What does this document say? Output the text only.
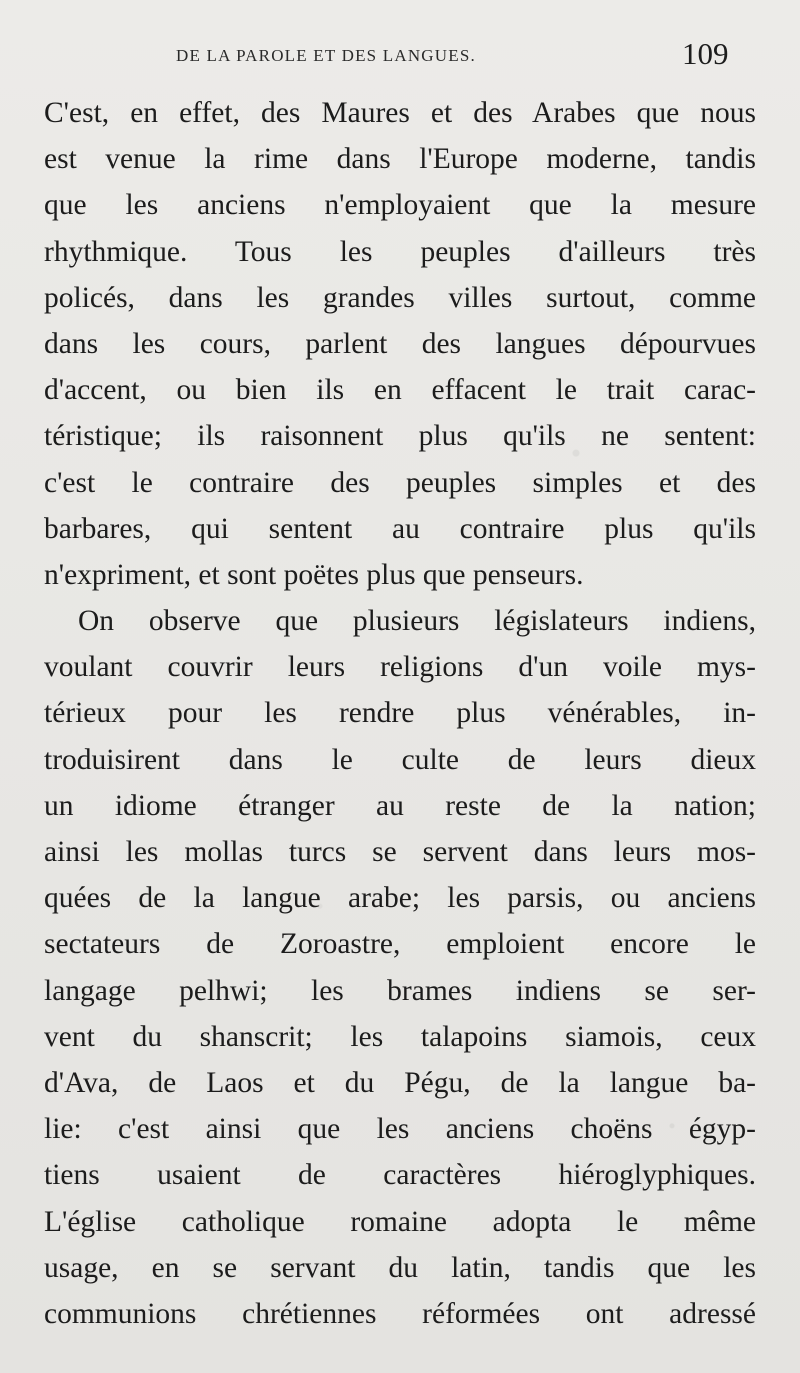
DE LA PAROLE ET DES LANGUES.	109
C'est, en effet, des Maures et des Arabes que nous
est venue la rime dans l'Europe moderne, tandis
que les anciens n'employaient que la mesure
rhythmique. Tous les peuples d'ailleurs très
policés, dans les grandes villes surtout, comme
dans les cours, parlent des langues dépourvues
d'accent, ou bien ils en effacent le trait carac-
téristique; ils raisonnent plus qu'ils ne sentent:
c'est le contraire des peuples simples et des
barbares, qui sentent au contraire plus qu'ils
n'expriment, et sont poëtes plus que penseurs.
On observe que plusieurs législateurs indiens,
voulant couvrir leurs religions d'un voile mys-
térieux pour les rendre plus vénérables, in-
troduisirent dans le culte de leurs dieux
un idiome étranger au reste de la nation;
ainsi les mollas turcs se servent dans leurs mos-
quées de la langue arabe; les parsis, ou anciens
sectateurs de Zoroastre, emploient encore le
langage pelhwi; les brames indiens se ser-
vent du shanscrit; les talapoins siamois, ceux
d'Ava, de Laos et du Pégu, de la langue ba-
lie: c'est ainsi que les anciens choëns égyp-
tiens usaient de caractères hiéroglyphiques.
L'église catholique romaine adopta le même
usage, en se servant du latin, tandis que les
communions chrétiennes réformées ont adressé
